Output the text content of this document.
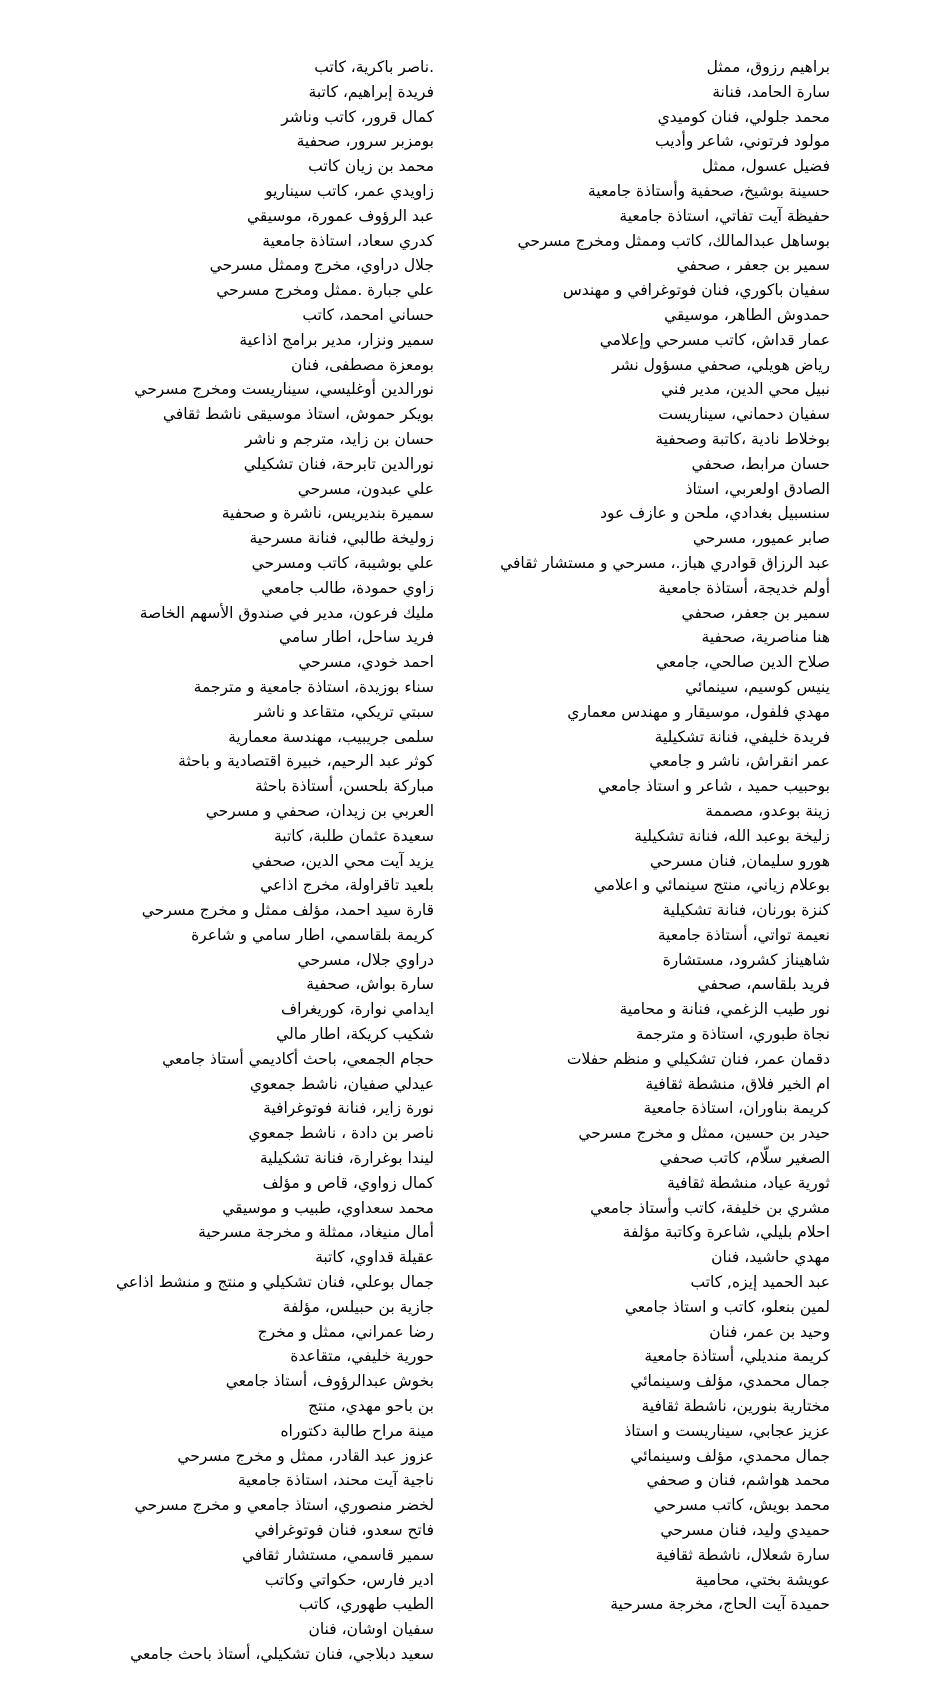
براهيم رزوق، ممثل
سارة الحامد، فنانة
محمد جلولي، فنان كوميدي
مولود فرتوني، شاعر وأديب
فضيل عسول، ممثل
حسينة بوشيخ، صحفية وأستاذة جامعية
حفيظة آيت تفاتي، استاذة جامعية
بوساهل عبدالمالك، كاتب وممثل ومخرج مسرحي
سمير بن جعفر ، صحفي
سفيان باكوري، فنان فوتوغرافي و مهندس
حمدوش الطاهر، موسيقي
عمار قداش، كاتب مسرحي وإعلامي
رياض هويلي، صحفي مسؤول نشر
نبيل محي الدين، مدير فني
سفيان دحماني، سيناريست
بوخلاط نادية ،كاتبة وصحفية
حسان مرابط، صحفي
الصادق اولعربي، استاذ
سنسبيل بغدادي، ملحن و عازف عود
صابر عميور، مسرحي
عبد الرزاق قوادري هباز.، مسرحي و مستشار ثقافي
أولم خديجة، أستاذة جامعية
سمير بن جعفر، صحفي
هنا مناصرية، صحفية
صلاح الدين صالحي، جامعي
ينيس كوسيم، سينمائي
مهدي فلفول، موسيقار و مهندس معماري
فريدة خليفي، فنانة تشكيلية
عمر انقراش، ناشر و جامعي
بوحبيب حميد ، شاعر و استاذ جامعي
زينة بوعدو، مصممة
زليخة بوعبد الله، فنانة تشكيلية
هورو سليمان, فنان مسرحي
بوعلام زياني، منتج سينمائي و اعلامي
كنزة بورنان، فنانة تشكيلية
نعيمة تواتي، أستاذة جامعية
شاهيناز كشرود، مستشارة
فريد بلقاسم، صحفي
نور طيب الزغمي، فنانة و محامية
نجاة طبوري، استاذة و مترجمة
دقمان عمر، فنان تشكيلي و منظم حفلات
ام الخير فلاق، منشطة ثقافية
كريمة بناوران، استاذة جامعية
حيدر بن حسين، ممثل و مخرج مسرحي
الصغير سلّام، كاتب صحفي
ثورية عياد، منشطة ثقافية
مشري بن خليفة، كاتب وأستاذ جامعي
احلام بليلي، شاعرة وكاتبة مؤلفة
مهدي حاشيد، فنان
عبد الحميد إيزه, كاتب
لمين بنعلو، كاتب و استاذ جامعي
وحيد بن عمر، فنان
كريمة منديلي، أستاذة جامعية
جمال محمدي، مؤلف وسينمائي
مختارية بنورين، ناشطة ثقافية
عزيز عجابي، سيناريست و استاذ
جمال محمدي، مؤلف وسينمائي
محمد هواشم، فنان و صحفي
محمد بويش، كاتب مسرحي
حميدي وليد، فنان مسرحي
سارة شعلال، ناشطة ثقافية
عويشة بختي، محامية
حميدة آيت الحاج، مخرجة مسرحية
.ناصر باكرية، كاتب
فريدة إبراهيم، كاتبة
كمال قرور، كاتب وناشر
بومزبر سرور، صحفية
محمد بن زيان كاتب
زاويدي عمر، كاتب سيناريو
عبد الرؤوف عمورة، موسيقي
كدري سعاد، استاذة جامعية
جلال دراوي، مخرج وممثل مسرحي
علي جبارة .ممثل ومخرج مسرحي
حساني امحمد، كاتب
سمير ونزار، مدير برامج اذاعية
بومعزة مصطفى، فنان
نورالدين أوغليسي، سيناريست ومخرج مسرحي
بويكر حموش، استاذ موسيقى ناشط ثقافي
حسان بن زايد، مترجم و ناشر
نورالدين تابرحة، فنان تشكيلي
علي عبدون، مسرحي
سميرة بنديريس، ناشرة و صحفية
زوليخة طالبي، فنانة مسرحية
علي بوشيبة، كاتب ومسرحي
زاوي حمودة، طالب جامعي
مليك فرعون، مدير في صندوق الأسهم الخاصة
فريد ساحل، اطار سامي
احمد خودي، مسرحي
سناء بوزيدة، استاذة جامعية و مترجمة
سبتي تريكي، متقاعد و ناشر
سلمى جريبيب، مهندسة معمارية
كوثر عبد الرحيم، خبيرة اقتصادية و باحثة
مباركة بلحسن، أستاذة باحثة
العربي بن زيدان، صحفي و مسرحي
سعيدة عثمان طلبة، كاتبة
يزيد آيت محي الدين، صحفي
بلعيد تاقراولة، مخرج اذاعي
قارة سيد احمد، مؤلف ممثل و مخرج مسرحي
كريمة بلقاسمي، اطار سامي و شاعرة
دراوي جلال، مسرحي
سارة بواش، صحفية
ايدامي نوارة، كوريغراف
شكيب كريكة، اطار مالي
حجام الجمعي، باحث أكاديمي أستاذ جامعي
عيدلي صفيان، ناشط جمعوي
نورة زاير، فنانة فوتوغرافية
ناصر بن دادة ، ناشط جمعوي
ليندا بوغرارة، فنانة تشكيلية
كمال زواوي، قاص و مؤلف
محمد سعداوي، طبيب و موسيقي
أمال منيغاد، ممثلة و مخرجة مسرحية
عقيلة قداوي، كاتبة
جمال بوعلي، فنان تشكيلي و منتج و منشط اذاعي
جازية بن حبيلس، مؤلفة
رضا عمراني، ممثل و مخرج
حورية خليفي، متقاعدة
بخوش عبدالرؤوف، أستاذ جامعي
بن باحو مهدي، منتج
مينة مراح طالبة دكتوراه
عزوز عبد القادر، ممثل و مخرج مسرحي
ناجية آيت محند، استاذة جامعية
لخضر منصوري، استاذ جامعي و مخرج مسرحي
فاتح سعدو، فنان فوتوغرافي
سمير قاسمي، مستشار ثقافي
ادير فارس، حكواتي وكاتب
الطيب طهوري، كاتب
سفيان اوشان، فنان
سعيد دبلاجي، فنان تشكيلي، أستاذ باحث جامعي
